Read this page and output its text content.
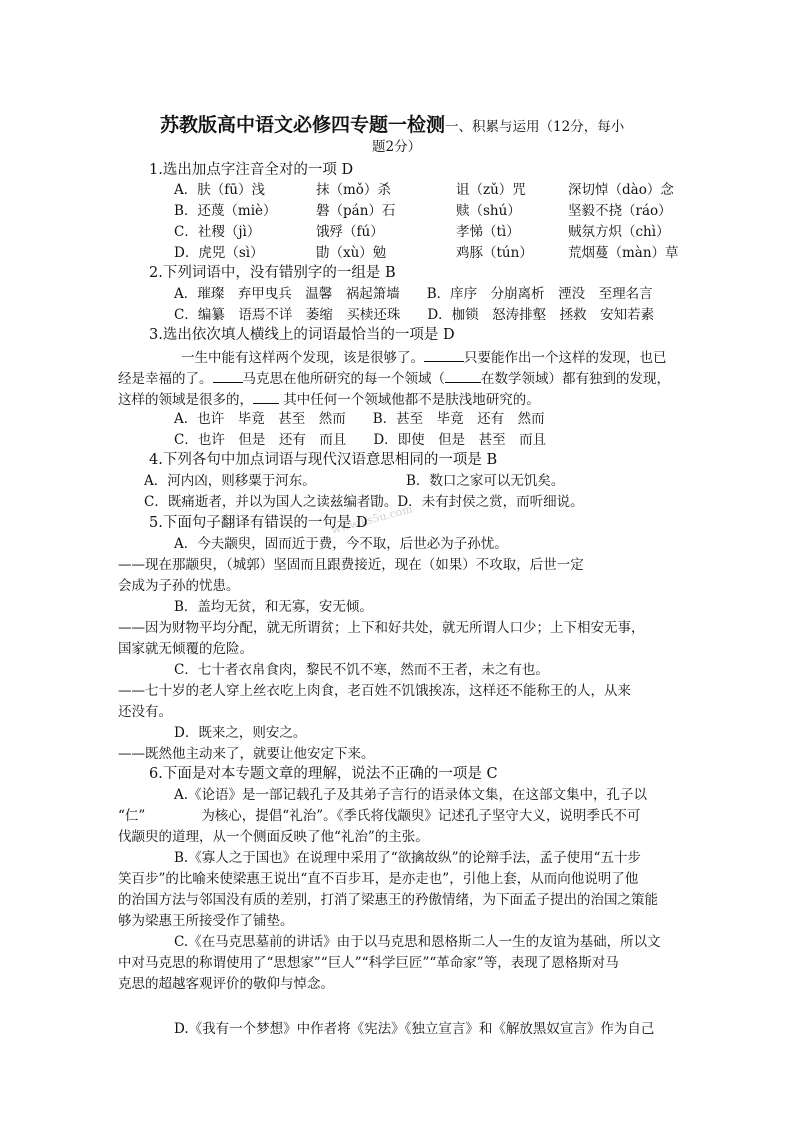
苏教版高中语文必修四专题一检测一、积累与运用（12分，每小
题2分）
1.选出加点字注音全对的一项 D
A．肤（fū）浅	抹（mǒ）杀	诅（zǔ）咒	深切悼（dào）念
B．还蔑（miè）	磐（pán）石	赎（shú）	坚毅不挠（ráo）
C．社稷（jì）	饿殍（fú）	孝悌（tì）	贼氛方炽（chì）
D．虎兕（sì）	勖（xù）勉	鸡豚（tún）	荒烟蔓（màn）草
2.下列词语中，没有错别字的一组是 B
A．璀璨　弃甲曳兵　温馨　祸起箫墙　　B．庠序　分崩离析　湮没　至理名言
C．编纂　语焉不详　萎缩　买椟还珠　　D．枷锁　怒涛排壑　拯救　安知若素
3.选出依次填人横线上的词语最恰当的一项是 D
一生中能有这样两个发现，该是很够了。	只要能作出一个这样的发现，也已
经是幸福的了。 马克思在他所研究的每一个领域（	在数学领域）都有独到的发现，
这样的领域是很多的， 其中任何一个领域他都不是肤浅地研究的。
A．也许　毕竟　甚至　然而　　B．甚至　毕竟　还有　然而
C．也许　但是　还有　而且　　D．即使　但是　甚至　而且
4.下列各句中加点词语与现代汉语意思相同的一项是 B
A．河内凶，则移粟于河东。	B．数口之家可以无饥矣。
C．既痛逝者，并以为国人之读兹编者勖。D．未有封侯之赏，而听细说。
www.ks5u.com
5.下面句子翻译有错误的一句是 D
A．今夫颛臾，固而近于费，今不取，后世必为子孙忧。
——现在那颛臾，（城郭）坚固而且跟费接近，现在（如果）不攻取，后世一定
会成为子孙的忧患。
B．盖均无贫，和无寡，安无倾。
——因为财物平均分配，就无所谓贫；上下和好共处，就无所谓人口少；上下相安无事，
国家就无倾覆的危险。
C．七十者衣帛食肉，黎民不饥不寒，然而不王者，未之有也。
——七十岁的老人穿上丝衣吃上肉食，老百姓不饥饿挨冻，这样还不能称王的人，从来
还没有。
D．既来之，则安之。
——既然他主动来了，就要让他安定下来。
6.下面是对本专题文章的理解，说法不正确的一项是 C
A.《论语》是一部记载孔子及其弟子言行的语录体文集，在这部文集中，孔子以
“仁”	为核心，提倡“礼治”。《季氏将伐颛臾》记述孔子坚守大义，说明季氏不可
伐颛臾的道理，从一个侧面反映了他“礼治”的主张。
B.《寡人之于国也》在说理中采用了“欲擒故纵”的论辩手法，孟子使用“五十步
笑百步”的比喻来使梁惠王说出“直不百步耳，是亦走也”，引他上套，从而向他说明了他
的治国方法与邻国没有质的差别，打消了梁惠王的矜傲情绪，为下面孟子提出的治国之策能
够为梁惠王所接受作了铺垫。
C.《在马克思墓前的讲话》由于以马克思和恩格斯二人一生的友谊为基础，所以文
中对马克思的称谓使用了“思想家”“巨人”“科学巨匠”“革命家”等，表现了恩格斯对马
克思的超越客观评价的敬仰与悼念。
D.《我有一个梦想》中作者将《宪法》《独立宣言》和《解放黑奴宣言》作为自己
